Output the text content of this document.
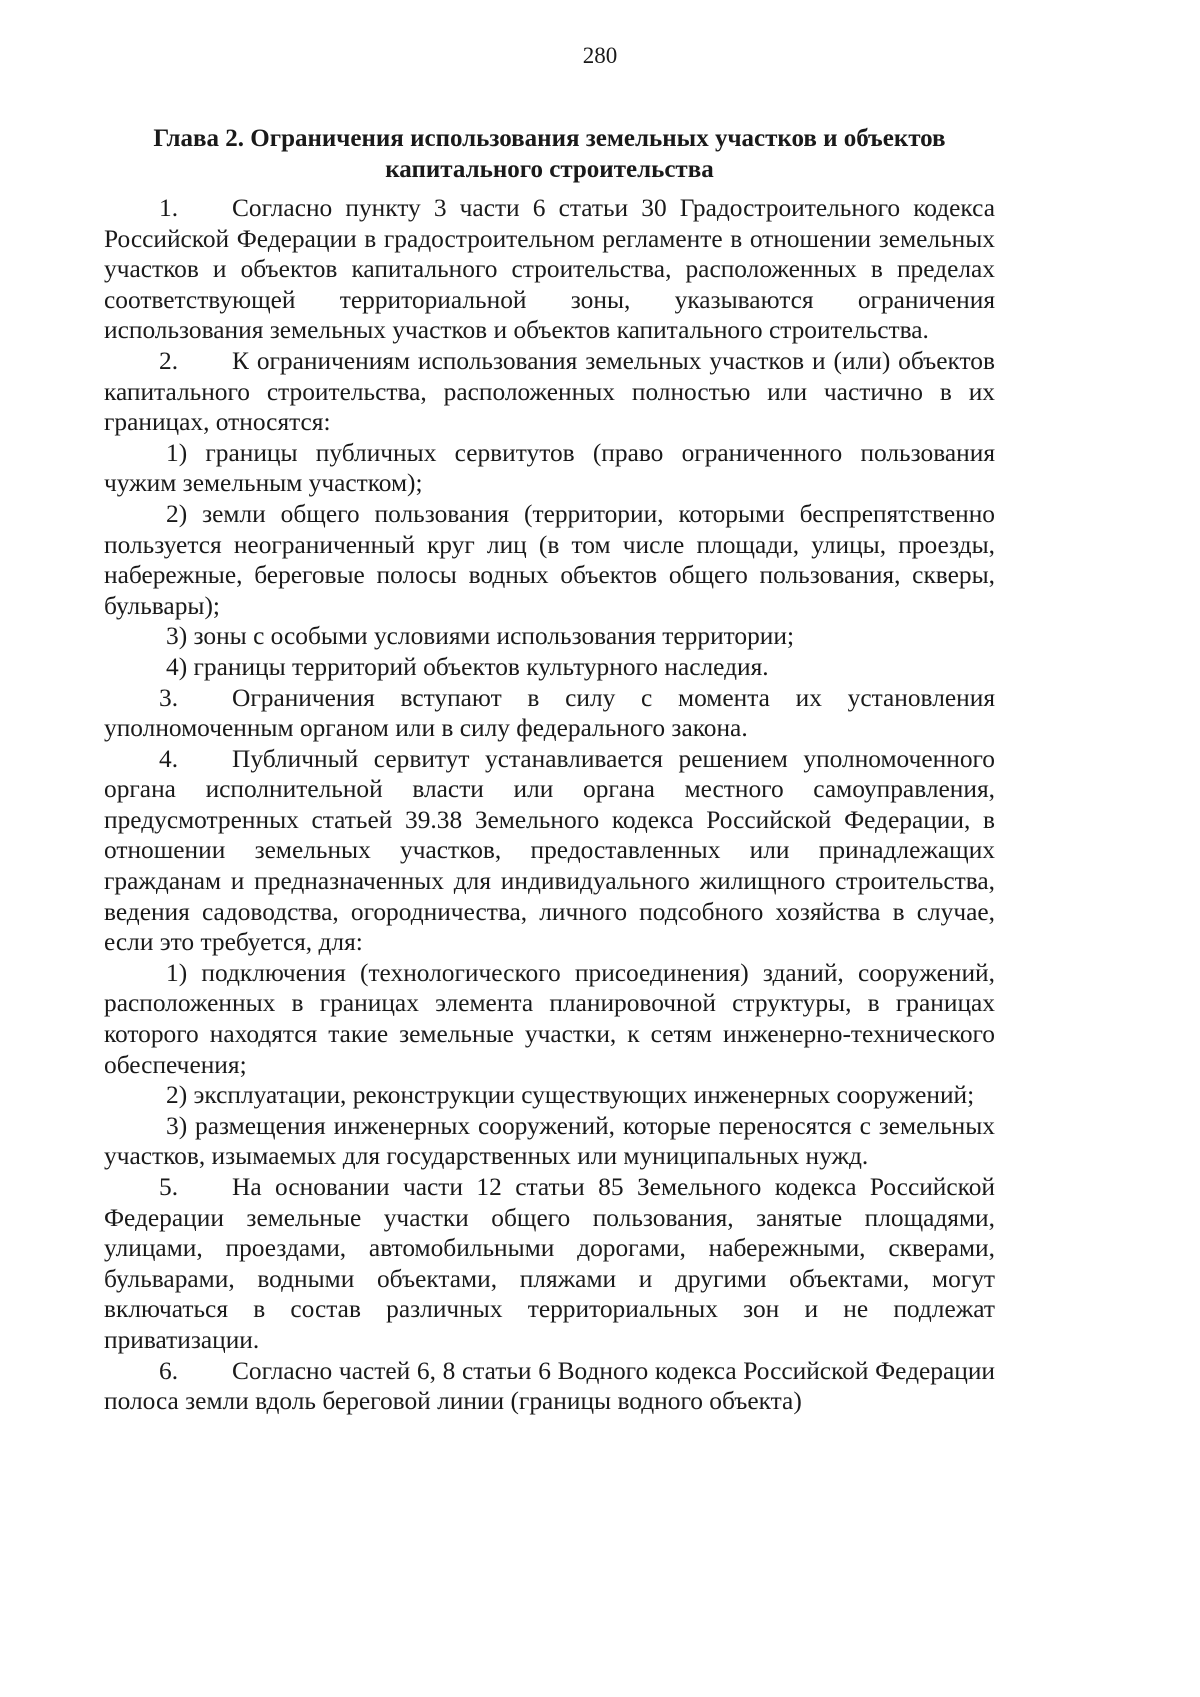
280
Глава 2. Ограничения использования земельных участков и объектов капитального строительства

1. Согласно пункту 3 части 6 статьи 30 Градостроительного кодекса Российской Федерации в градостроительном регламенте в отношении земельных участков и объектов капитального строительства, расположенных в пределах соответствующей территориальной зоны, указываются ограничения использования земельных участков и объектов капитального строительства.

2. К ограничениям использования земельных участков и (или) объектов капитального строительства, расположенных полностью или частично в их границах, относятся:

1) границы публичных сервитутов (право ограниченного пользования чужим земельным участком);

2) земли общего пользования (территории, которыми беспрепятственно пользуется неограниченный круг лиц (в том числе площади, улицы, проезды, набережные, береговые полосы водных объектов общего пользования, скверы, бульвары);

3) зоны с особыми условиями использования территории;

4) границы территорий объектов культурного наследия.

3. Ограничения вступают в силу с момента их установления уполномоченным органом или в силу федерального закона.

4. Публичный сервитут устанавливается решением уполномоченного органа исполнительной власти или органа местного самоуправления, предусмотренных статьей 39.38 Земельного кодекса Российской Федерации, в отношении земельных участков, предоставленных или принадлежащих гражданам и предназначенных для индивидуального жилищного строительства, ведения садоводства, огородничества, личного подсобного хозяйства в случае, если это требуется, для:

1) подключения (технологического присоединения) зданий, сооружений, расположенных в границах элемента планировочной структуры, в границах которого находятся такие земельные участки, к сетям инженерно-технического обеспечения;

2) эксплуатации, реконструкции существующих инженерных сооружений;

3) размещения инженерных сооружений, которые переносятся с земельных участков, изымаемых для государственных или муниципальных нужд.

5. На основании части 12 статьи 85 Земельного кодекса Российской Федерации земельные участки общего пользования, занятые площадями, улицами, проездами, автомобильными дорогами, набережными, скверами, бульварами, водными объектами, пляжами и другими объектами, могут включаться в состав различных территориальных зон и не подлежат приватизации.

6. Согласно частей 6, 8 статьи 6 Водного кодекса Российской Федерации полоса земли вдоль береговой линии (границы водного объекта)
